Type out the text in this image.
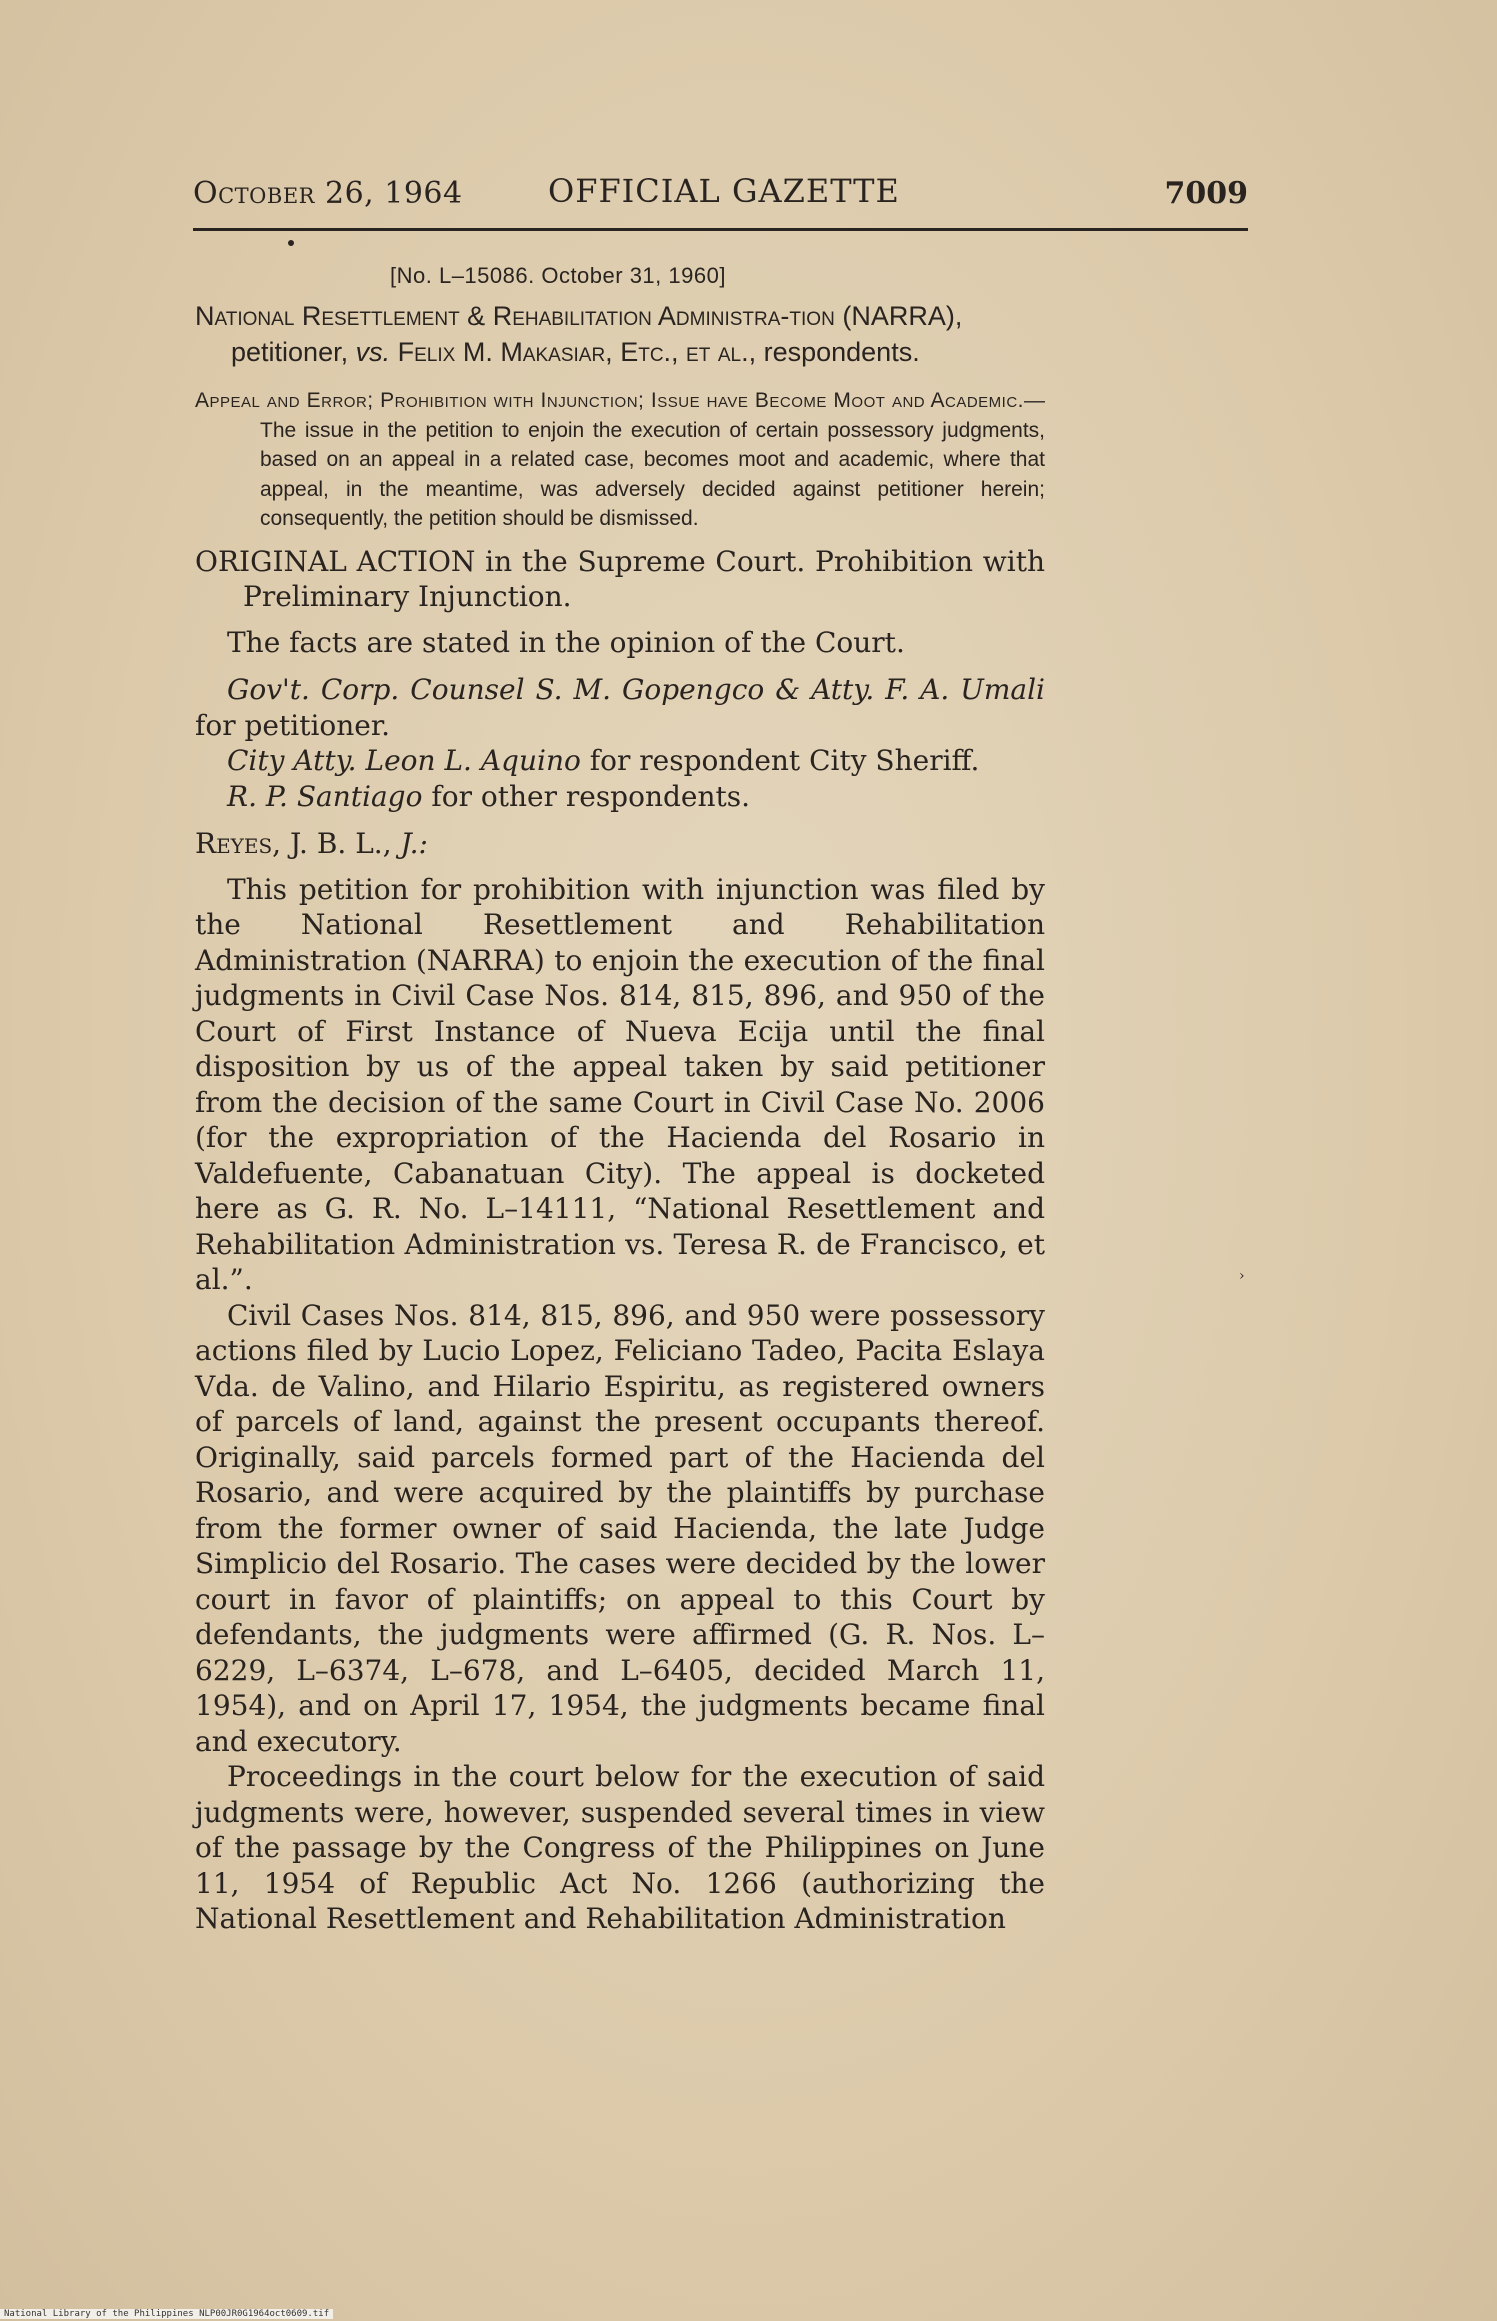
October 26, 1964	OFFICIAL GAZETTE	7009
[No. L–15086. October 31, 1960]
National Resettlement & Rehabilitation Administra-tion (NARRA), petitioner, vs. Felix M. Makasiar, Etc., et al., respondents.
Appeal and Error; Prohibition with Injunction; Issue have Become Moot and Academic.—The issue in the petition to enjoin the execution of certain possessory judgments, based on an appeal in a related case, becomes moot and academic, where that appeal, in the meantime, was adversely decided against petitioner herein; consequently, the petition should be dismissed.
ORIGINAL ACTION in the Supreme Court. Prohibition with Preliminary Injunction.
The facts are stated in the opinion of the Court.
Gov't. Corp. Counsel S. M. Gopengco & Atty. F. A. Umali for petitioner.
City Atty. Leon L. Aquino for respondent City Sheriff.
R. P. Santiago for other respondents.
Reyes, J. B. L., J.:
This petition for prohibition with injunction was filed by the National Resettlement and Rehabilitation Administration (NARRA) to enjoin the execution of the final judgments in Civil Case Nos. 814, 815, 896, and 950 of the Court of First Instance of Nueva Ecija until the final disposition by us of the appeal taken by said petitioner from the decision of the same Court in Civil Case No. 2006 (for the expropriation of the Hacienda del Rosario in Valdefuente, Cabanatuan City). The appeal is docketed here as G. R. No. L–14111, “National Resettlement and Rehabilitation Administration vs. Teresa R. de Francisco, et al.”.
Civil Cases Nos. 814, 815, 896, and 950 were possessory actions filed by Lucio Lopez, Feliciano Tadeo, Pacita Eslaya Vda. de Valino, and Hilario Espiritu, as registered owners of parcels of land, against the present occupants thereof. Originally, said parcels formed part of the Hacienda del Rosario, and were acquired by the plaintiffs by purchase from the former owner of said Hacienda, the late Judge Simplicio del Rosario. The cases were decided by the lower court in favor of plaintiffs; on appeal to this Court by defendants, the judgments were affirmed (G. R. Nos. L–6229, L–6374, L–678, and L–6405, decided March 11, 1954), and on April 17, 1954, the judgments became final and executory.
Proceedings in the court below for the execution of said judgments were, however, suspended several times in view of the passage by the Congress of the Philippines on June 11, 1954 of Republic Act No. 1266 (authorizing the National Resettlement and Rehabilitation Administration
›
National Library of the Philippines NLP00JR0G1964oct0609.tif
